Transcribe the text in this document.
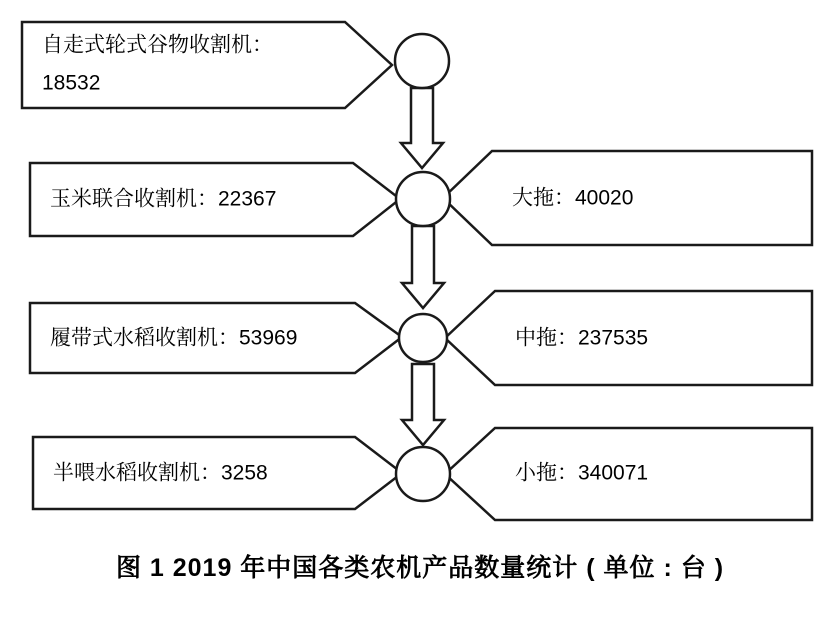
自走式轮式谷物收割机：
18532
玉米联合收割机：22367
履带式水稻收割机：53969
半喂水稻收割机：3258
大拖：40020
中拖：237535
小拖：340071
图 1 2019 年中国各类农机产品数量统计 ( 单位 : 台 )
